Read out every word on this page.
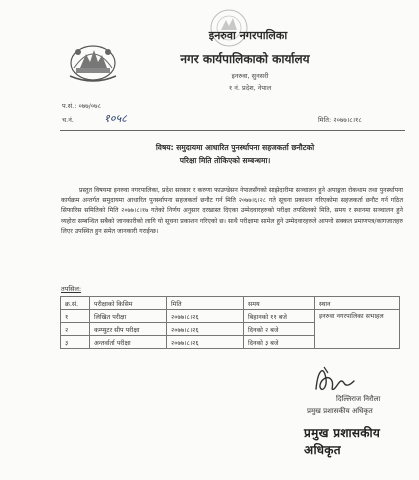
इनरुवा नगरपालिका
नगर कार्यपालिकाको कार्यालय
इनरुवा, सुनसरी
१ नं. प्रदेश, नेपाल
प.सं.: ०७७/०७८
च.नं.	१०५८	मिति: २०७७।८।१८
विषय: समुदायमा आधारित पुनर्स्थापना सहजकर्ता छनौटको
परिक्षा मिति तोकिएको सम्बन्धमा।
प्रस्तुत विषयमा इनरुवा नगरपालिका, प्रदेश सरकार र करुणा फाउण्डेसन नेपालसँगको साझेदारीमा सञ्चालन हुने अपाङ्गता रोकथाम तथा पुनर्स्थापना कार्यक्रम अन्तर्गत समुदायमा आधारित पुनर्स्थापना सहजकर्ता छनौट गर्न मिति २०७७।६।२८ गते सूचना प्रकाशन गरिएकोमा सहजकर्ता छनौट गर्न गठित सिफारिस समितिको मिति २०७७।८।१७ गतेको निर्णय अनुसार दरखास्त दिएका उम्मेदवारहरुको परीक्षा तपसिलको मिति, समय र स्थानमा सञ्चालन हुने व्यहोरा सम्बन्धित सबैको जानकारीको लागि यो सूचना प्रकाशन गरिएको छ। साथै परीक्षामा सामेल हुने उम्मेदवारहरुले आफ्नो सक्कल प्रमाणपत्र/कागजातहरु लिएर उपस्थित हुन समेत जानकारी गराईन्छ।
तपसिल:
क्र.सं.	परीक्षाको किसिम	मिति	समय	स्थान
१	लिखित परीक्षा	२०७७।८।२६	बिहानको ११ बजे	इनरुवा नगरपालिका सभाहल
२	कम्प्युटर सीप परीक्षा	२०७७।८।२६	दिनको २ बजे	
३	अन्तर्वार्ता परीक्षा	२०७७।८।२६	दिनको ३ बजे	
दिल्लिराज निरौला
प्रमुख प्रशासकीय अधिकृत
प्रमुख प्रशासकीय अधिकृत
